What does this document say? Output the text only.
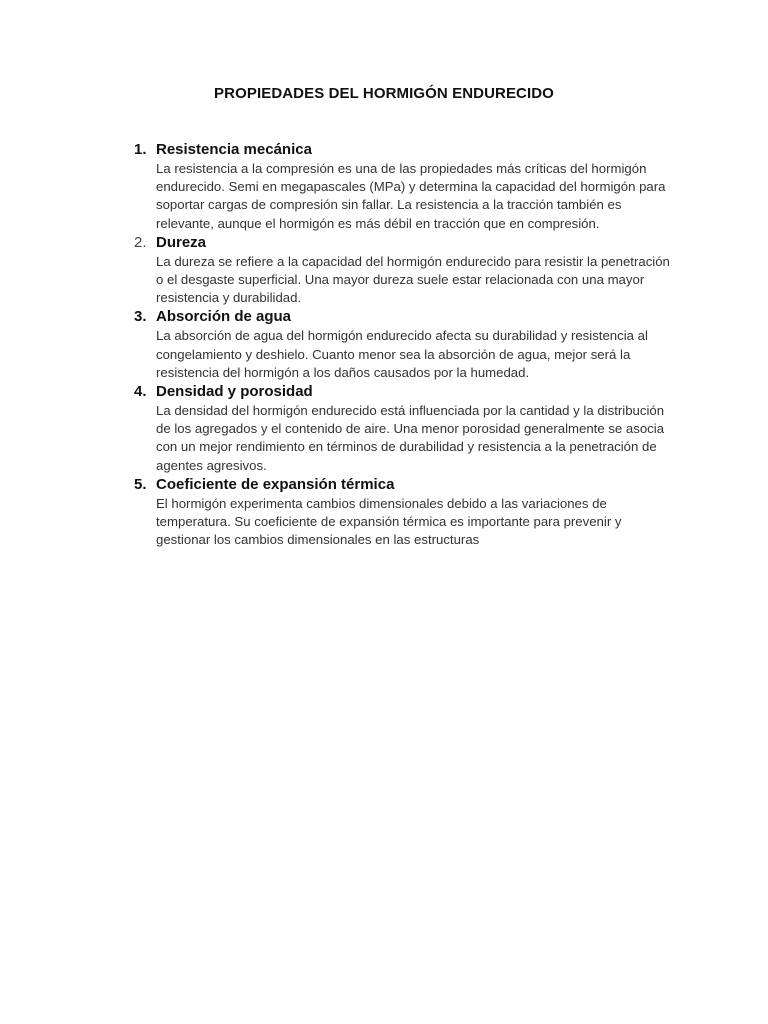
PROPIEDADES DEL HORMIGÓN ENDURECIDO
1. Resistencia mecánica
La resistencia a la compresión es una de las propiedades más críticas del hormigón endurecido. Semi en megapascales (MPa) y determina la capacidad del hormigón para soportar cargas de compresión sin fallar. La resistencia a la tracción también es relevante, aunque el hormigón es más débil en tracción que en compresión.
2. Dureza
La dureza se refiere a la capacidad del hormigón endurecido para resistir la penetración o el desgaste superficial. Una mayor dureza suele estar relacionada con una mayor resistencia y durabilidad.
3. Absorción de agua
La absorción de agua del hormigón endurecido afecta su durabilidad y resistencia al congelamiento y deshielo. Cuanto menor sea la absorción de agua, mejor será la resistencia del hormigón a los daños causados por la humedad.
4. Densidad y porosidad
La densidad del hormigón endurecido está influenciada por la cantidad y la distribución de los agregados y el contenido de aire. Una menor porosidad generalmente se asocia con un mejor rendimiento en términos de durabilidad y resistencia a la penetración de agentes agresivos.
5. Coeficiente de expansión térmica
El hormigón experimenta cambios dimensionales debido a las variaciones de temperatura. Su coeficiente de expansión térmica es importante para prevenir y gestionar los cambios dimensionales en las estructuras
